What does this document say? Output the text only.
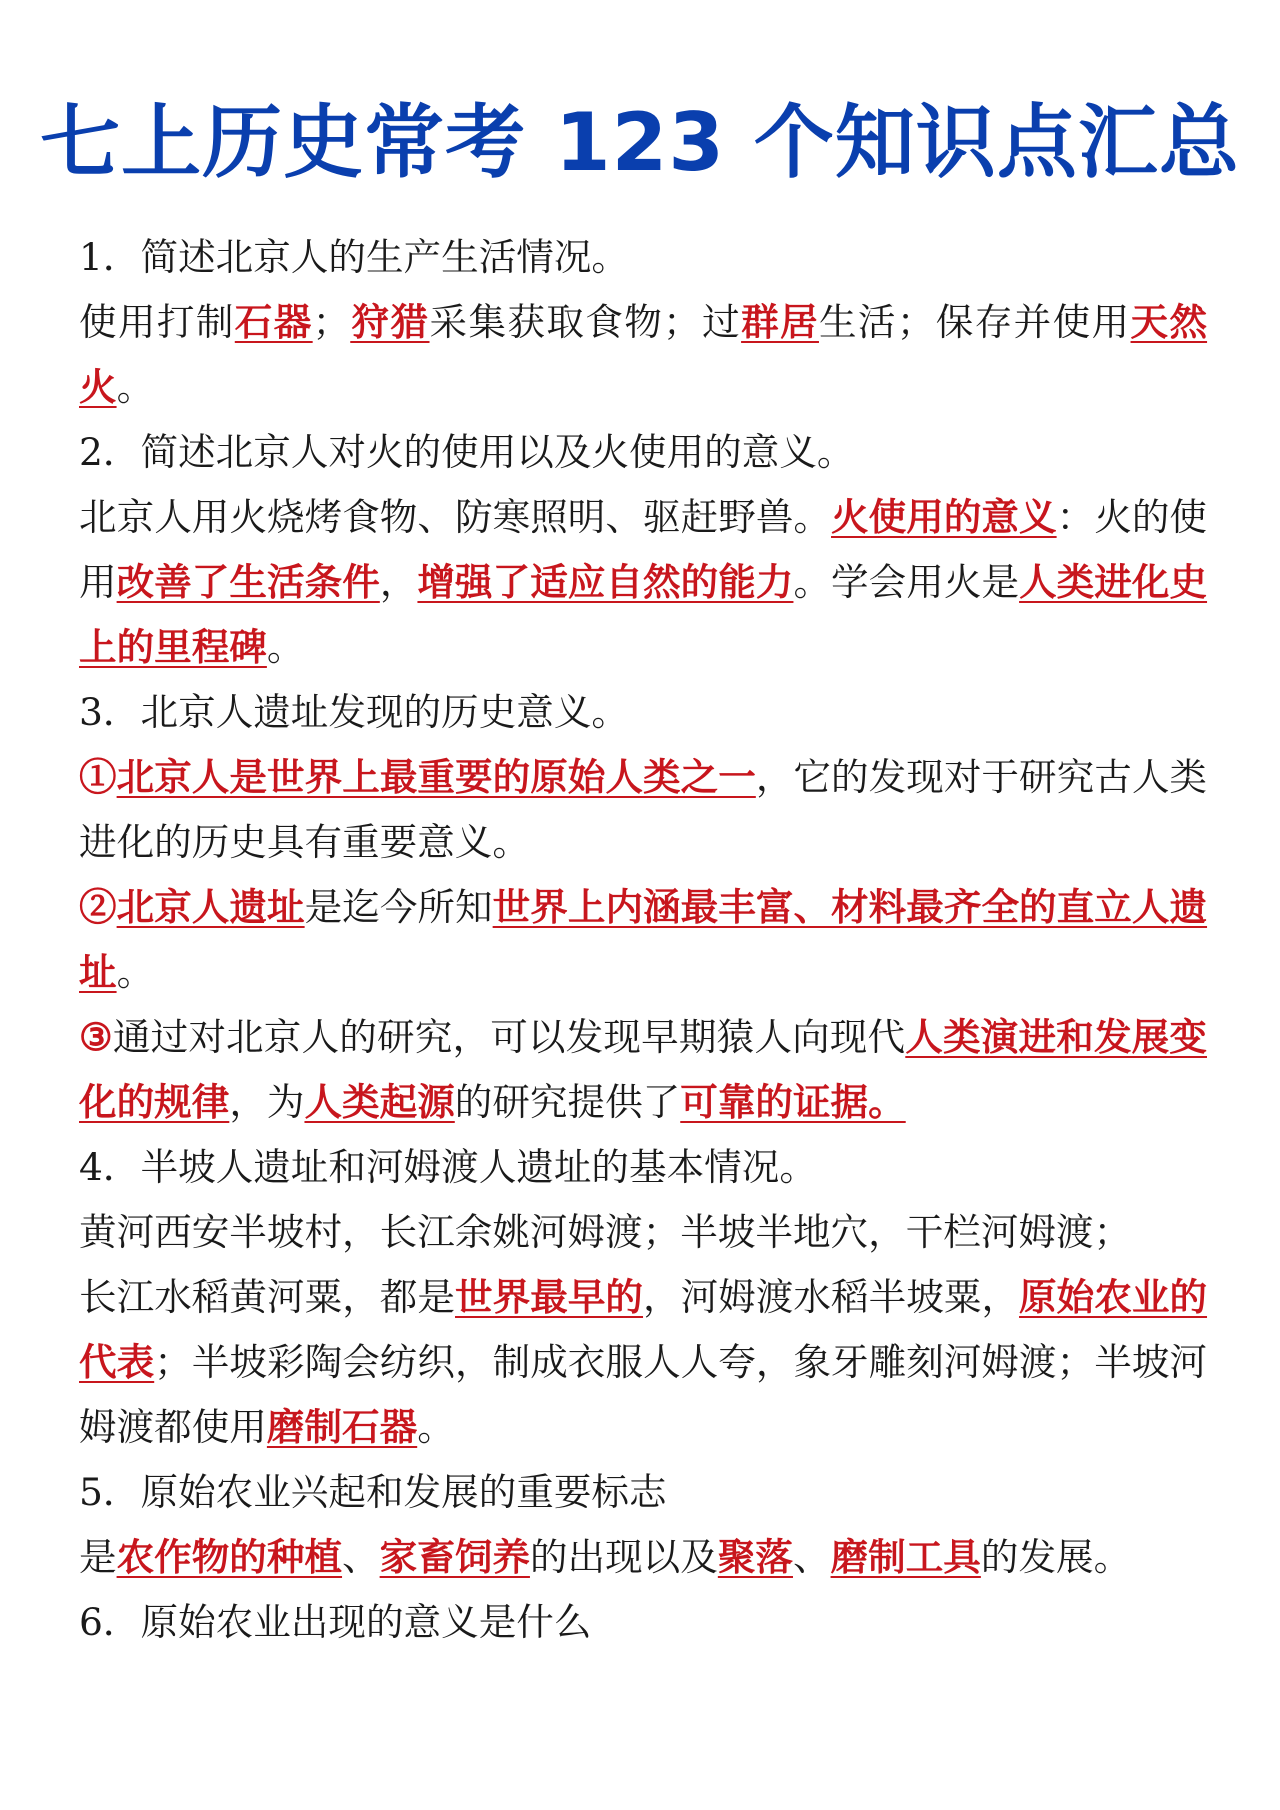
七上历史常考 123 个知识点汇总

1．简述北京人的生产生活情况。

使用打制石器；狩猎采集获取食物；过群居生活；保存并使用天然火。

2．简述北京人对火的使用以及火使用的意义。

北京人用火烧烤食物、防寒照明、驱赶野兽。火使用的意义：火的使用改善了生活条件，增强了适应自然的能力。学会用火是人类进化史上的里程碑。

3．北京人遗址发现的历史意义。

①北京人是世界上最重要的原始人类之一，它的发现对于研究古人类进化的历史具有重要意义。

②北京人遗址是迄今所知世界上内涵最丰富、材料最齐全的直立人遗址。

③通过对北京人的研究，可以发现早期猿人向现代人类演进和发展变化的规律，为人类起源的研究提供了可靠的证据。

4．半坡人遗址和河姆渡人遗址的基本情况。

黄河西安半坡村，长江余姚河姆渡；半坡半地穴，干栏河姆渡；

长江水稻黄河粟，都是世界最早的，河姆渡水稻半坡粟，原始农业的代表；半坡彩陶会纺织，制成衣服人人夸，象牙雕刻河姆渡；半坡河姆渡都使用磨制石器。

5．原始农业兴起和发展的重要标志

是农作物的种植、家畜饲养的出现以及聚落、磨制工具的发展。

6．原始农业出现的意义是什么
